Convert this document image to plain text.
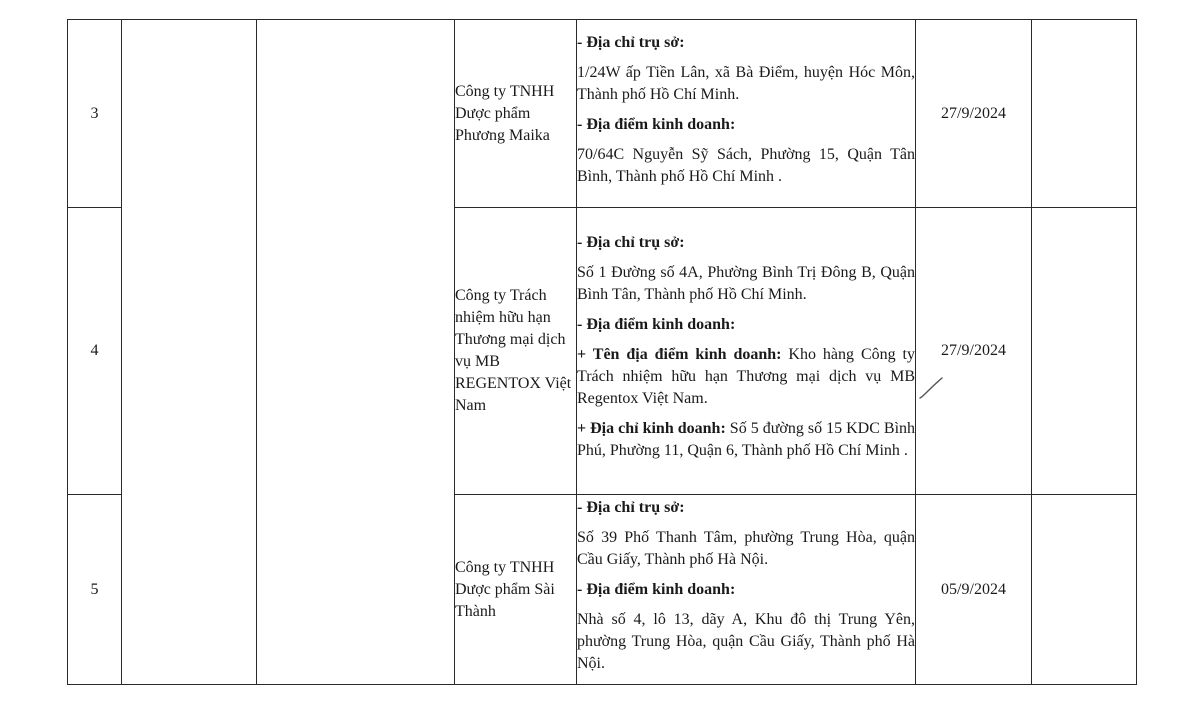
3			Công ty TNHH Dược phẩm Phương Maika	- Địa chỉ trụ sở:
1/24W ấp Tiền Lân, xã Bà Điểm, huyện Hóc Môn, Thành phố Hồ Chí Minh.
- Địa điểm kinh doanh:
70/64C Nguyễn Sỹ Sách, Phường 15, Quận Tân Bình, Thành phố Hồ Chí Minh .	27/9/2024	
4			Công ty Trách nhiệm hữu hạn Thương mại dịch vụ MB REGENTOX Việt Nam	- Địa chỉ trụ sở:
Số 1 Đường số 4A, Phường Bình Trị Đông B, Quận Bình Tân, Thành phố Hồ Chí Minh.
- Địa điểm kinh doanh:
+ Tên địa điểm kinh doanh: Kho hàng Công ty Trách nhiệm hữu hạn Thương mại dịch vụ MB Regentox Việt Nam.
+ Địa chỉ kinh doanh: Số 5 đường số 15 KDC Bình Phú, Phường 11, Quận 6, Thành phố Hồ Chí Minh .	27/9/2024	
5			Công ty TNHH Dược phẩm Sài Thành	- Địa chỉ trụ sở:
Số 39 Phố Thanh Tâm, phường Trung Hòa, quận Cầu Giấy, Thành phố Hà Nội.
- Địa điểm kinh doanh:
Nhà số 4, lô 13, dãy A, Khu đô thị Trung Yên, phường Trung Hòa, quận Cầu Giấy, Thành phố Hà Nội.	05/9/2024	
